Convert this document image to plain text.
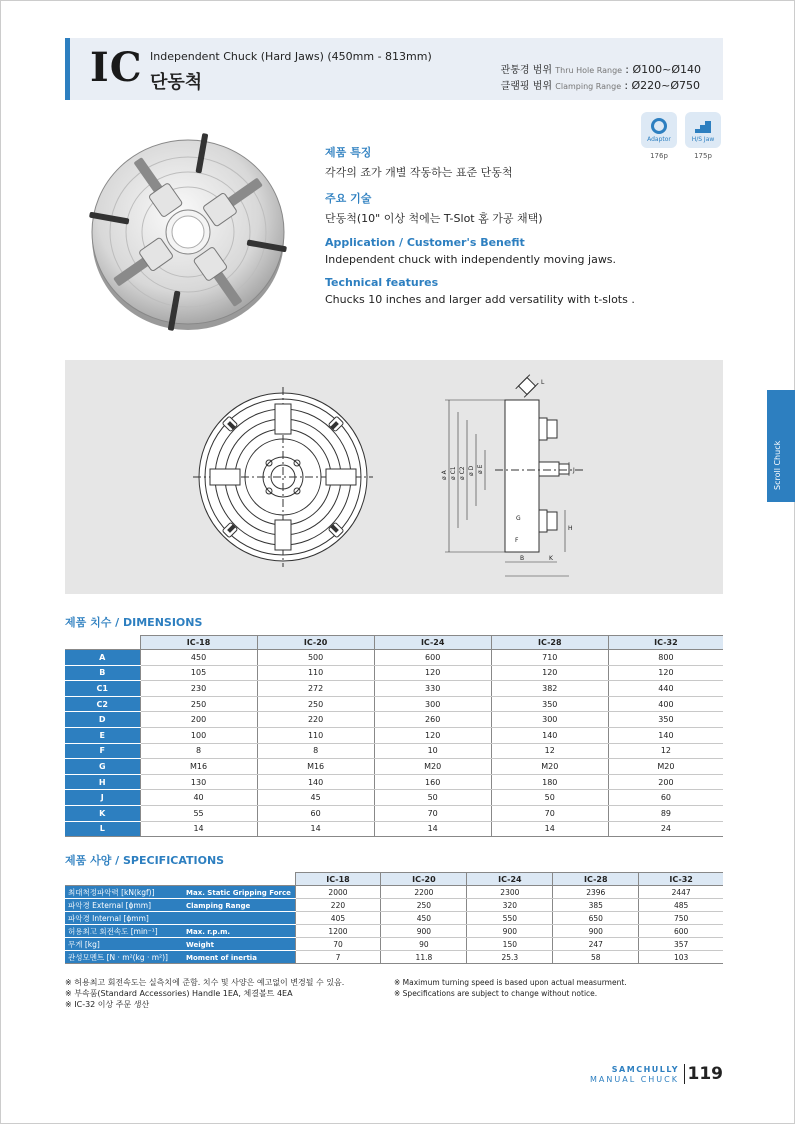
IC Independent Chuck (Hard Jaws) (450mm - 813mm)
단동척
관통경 범위 Thru Hole Range : Ø100~Ø140
클램핑 범위 Clamping Range : Ø220~Ø750
Adaptor
176p
H/S Jaw
175p
제품 특징

각각의 죠가 개별 작동하는 표준 단동척

주요 기술

단동척(10" 이상 척에는 T-Slot 홈 가공 채택)

Application / Customer's Benefit

Independent chuck with independently moving jaws.

Technical features

Chucks 10 inches and larger add versatility with t-slots .

ø A ø C1 ø C2 ø D ø E	J
G
F
H
B	K
L
Scroll Chuck
제품 치수 / DIMENSIONS
	IC-18	IC-20	IC-24	IC-28	IC-32
A	450	500	600	710	800
B	105	110	120	120	120
C1	230	272	330	382	440
C2	250	250	300	350	400
D	200	220	260	300	350
E	100	110	120	140	140
F	8	8	10	12	12
G	M16	M16	M20	M20	M20
H	130	140	160	180	200
J	40	45	50	50	60
K	55	60	70	70	89
L	14	14	14	14	24
제품 사양 / SPECIFICATIONS
	IC-18	IC-20	IC-24	IC-28	IC-32
최대척정파악력 [kN(kgf)] Max. Static Gripping Force	2000	2200	2300	2396	2447
파악경 External [ϕmm] Clamping Range	220	250	320	385	485
파악경 Internal [ϕmm]	405	450	550	650	750
허용최고 회전속도 [min⁻¹] Max. r.p.m.	1200	900	900	900	600
무게 [kg] Weight	70	90	150	247	357
관성모멘트 [N · m²(kg · m²)] Moment of inertia	7	11.8	25.3	58	103
※ 허용최고 회전속도는 실측치에 준함. 치수 및 사양은 예고없이 변경될 수 있음.
※ 부속품(Standard Accessories) Handle 1EA, 체결볼트 4EA
※ IC-32 이상 주문 생산
※ Maximum turning speed is based upon actual measurment.
※ Specifications are subject to change without notice.
SAMCHULLY
MANUAL CHUCK 119
